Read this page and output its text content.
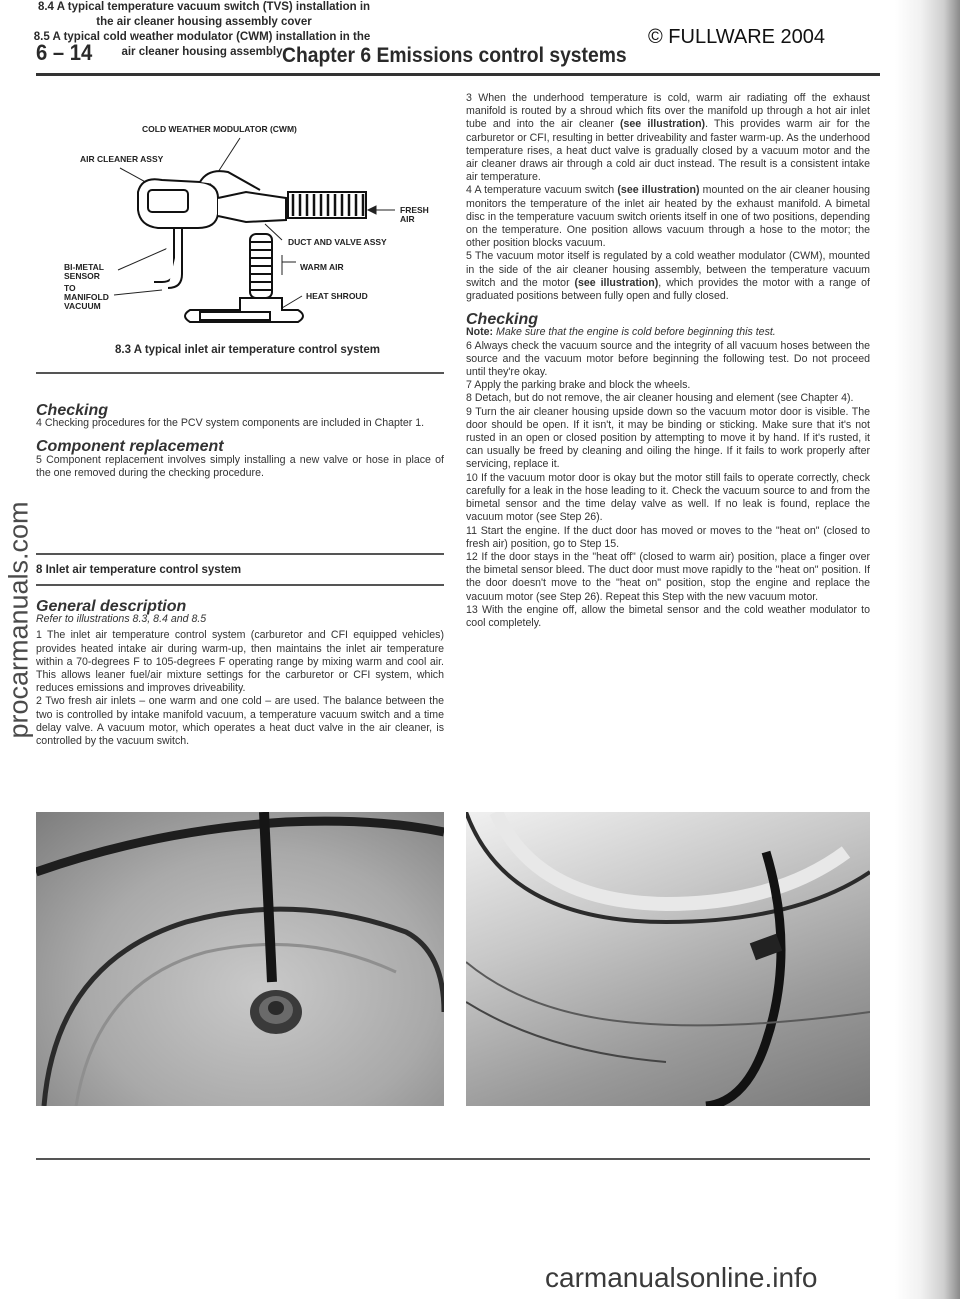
© FULLWARE 2004
6 – 14	Chapter 6 Emissions control systems
procarmanuals.com
COLD WEATHER MODULATOR (CWM)
AIR CLEANER ASSY
BI-METAL
SENSOR
TO
MANIFOLD
VACUUM
FRESH
AIR
DUCT AND VALVE ASSY
WARM AIR
HEAT SHROUD
8.3 A typical inlet air temperature control system

Checking

4 Checking procedures for the PCV system components are included in Chapter 1.

Component replacement

5 Component replacement involves simply installing a new valve or hose in place of the one removed during the checking procedure.

8 Inlet air temperature control system

General description

Refer to illustrations 8.3, 8.4 and 8.5

1 The inlet air temperature control system (carburetor and CFI equipped vehicles) provides heated intake air during warm-up, then maintains the inlet air temperature within a 70-degrees F to 105-degrees F operating range by mixing warm and cool air. This allows leaner fuel/air mixture settings for the carburetor or CFI system, which reduces emissions and improves driveability.

2 Two fresh air inlets – one warm and one cold – are used. The balance between the two is controlled by intake manifold vacuum, a temperature vacuum switch and a time delay valve. A vacuum motor, which operates a heat duct valve in the air cleaner, is controlled by the vacuum switch.

3 When the underhood temperature is cold, warm air radiating off the exhaust manifold is routed by a shroud which fits over the manifold up through a hot air inlet tube and into the air cleaner (see illustration). This provides warm air for the carburetor or CFI, resulting in better driveability and faster warm-up. As the underhood temperature rises, a heat duct valve is gradually closed by a vacuum motor and the air cleaner draws air through a cold air duct instead. The result is a consistent intake air temperature.

4 A temperature vacuum switch (see illustration) mounted on the air cleaner housing monitors the temperature of the inlet air heated by the exhaust manifold. A bimetal disc in the temperature vacuum switch orients itself in one of two positions, depending on the temperature. One position allows vacuum through a hose to the motor; the other position blocks vacuum.

5 The vacuum motor itself is regulated by a cold weather modulator (CWM), mounted in the side of the air cleaner housing assembly, between the temperature vacuum switch and the motor (see illustration), which provides the motor with a range of graduated positions between fully open and fully closed.

Checking

Note: Make sure that the engine is cold before beginning this test.

6 Always check the vacuum source and the integrity of all vacuum hoses between the source and the vacuum motor before beginning the following test. Do not proceed until they're okay.

7 Apply the parking brake and block the wheels.

8 Detach, but do not remove, the air cleaner housing and element (see Chapter 4).

9 Turn the air cleaner housing upside down so the vacuum motor door is visible. The door should be open. If it isn't, it may be binding or sticking. Make sure that it's not rusted in an open or closed position by attempting to move it by hand. If it's rusted, it can usually be freed by cleaning and oiling the hinge. If it fails to work properly after servicing, replace it.

10 If the vacuum motor door is okay but the motor still fails to operate correctly, check carefully for a leak in the hose leading to it. Check the vacuum source to and from the bimetal sensor and the time delay valve as well. If no leak is found, replace the vacuum motor (see Step 26).

11 Start the engine. If the duct door has moved or moves to the "heat on" (closed to fresh air) position, go to Step 15.

12 If the door stays in the "heat off" (closed to warm air) position, place a finger over the bimetal sensor bleed. The duct door must move rapidly to the "heat on" position. If the door doesn't move to the "heat on" position, stop the engine and replace the vacuum motor (see Step 26). Repeat this Step with the new vacuum motor.

13 With the engine off, allow the bimetal sensor and the cold weather modulator to cool completely.

8.4 A typical temperature vacuum switch (TVS) installation in
the air cleaner housing assembly cover
8.5 A typical cold weather modulator (CWM) installation in the
air cleaner housing assembly
carmanualsonline.info
